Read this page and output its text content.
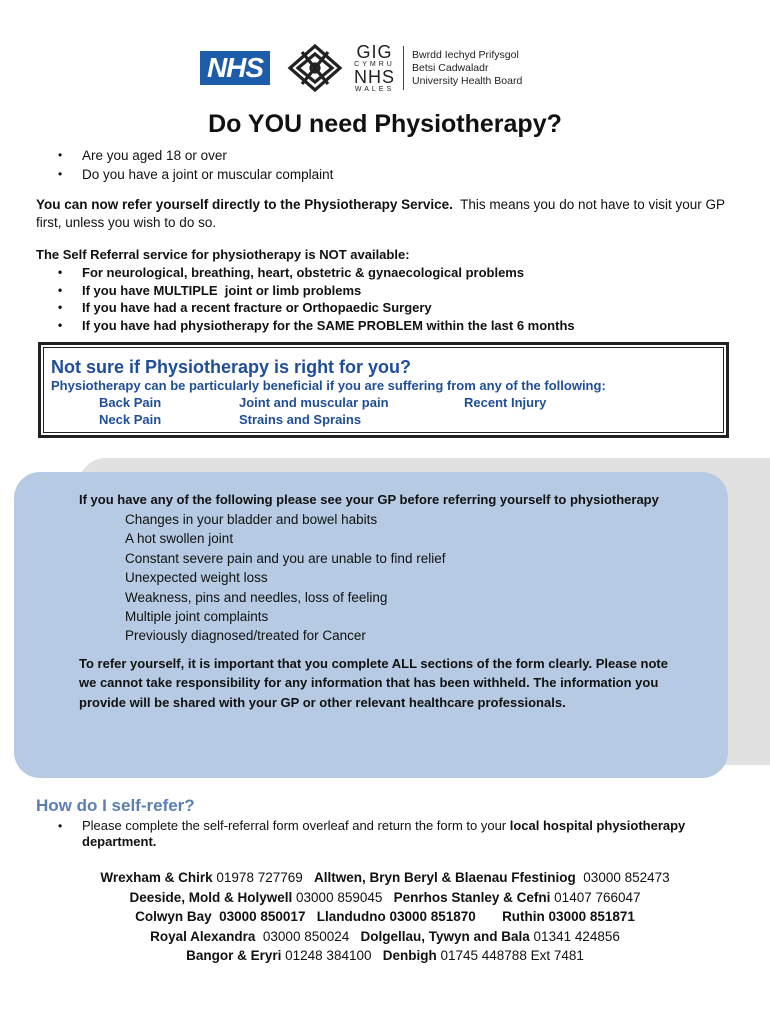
NHS	GIG
CYMRU
NHS
WALES
Bwrdd Iechyd Prifysgol
Betsi Cadwaladr
University Health Board
Do YOU need Physiotherapy?
•	Are you aged 18 or over
•	Do you have a joint or muscular complaint

You can now refer yourself directly to the Physiotherapy Service.  This means you do not have to visit your GP first, unless you wish to do so.

The Self Referral service for physiotherapy is NOT available:
•	For neurological, breathing, heart, obstetric & gynaecological problems
•	If you have MULTIPLE  joint or limb problems
•	If you have had a recent fracture or Orthopaedic Surgery
•	If you have had physiotherapy for the SAME PROBLEM within the last 6 months
Not sure if Physiotherapy is right for you?
Physiotherapy can be particularly beneficial if you are suffering from any of the following:
Back Pain	Joint and muscular pain	Recent Injury
Neck Pain	Strains and Sprains
If you have any of the following please see your GP before referring yourself to physiotherapy
Changes in your bladder and bowel habits
A hot swollen joint
Constant severe pain and you are unable to find relief
Unexpected weight loss
Weakness, pins and needles, loss of feeling
Multiple joint complaints
Previously diagnosed/treated for Cancer
To refer yourself, it is important that you complete ALL sections of the form clearly. Please note we cannot take responsibility for any information that has been withheld. The information you provide will be shared with your GP or other relevant healthcare professionals.
How do I self-refer?
•	Please complete the self-referral form overleaf and return the form to your local hospital physiotherapy department.
Wrexham & Chirk 01978 727769   Alltwen, Bryn Beryl & Blaenau Ffestiniog  03000 852473
Deeside, Mold & Holywell 03000 859045   Penrhos Stanley & Cefni 01407 766047
Colwyn Bay  03000 850017 Llandudno 03000 851870 Ruthin 03000 851871
Royal Alexandra  03000 850024   Dolgellau, Tywyn and Bala 01341 424856
Bangor & Eryri 01248 384100   Denbigh 01745 448788 Ext 7481
